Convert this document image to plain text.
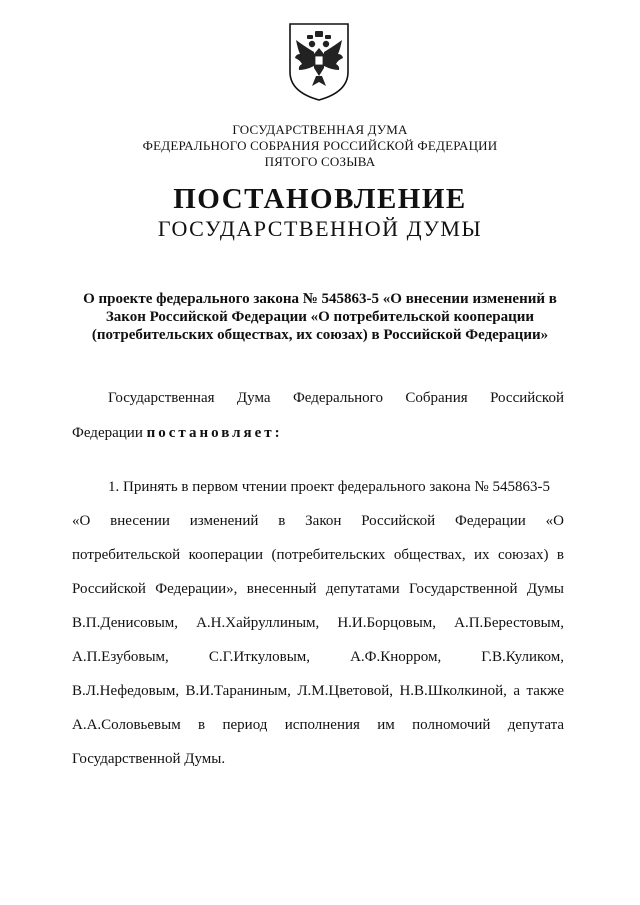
ГОСУДАРСТВЕННАЯ ДУМА
ФЕДЕРАЛЬНОГО СОБРАНИЯ РОССИЙСКОЙ ФЕДЕРАЦИИ
ПЯТОГО СОЗЫВА
ПОСТАНОВЛЕНИЕ
ГОСУДАРСТВЕННОЙ ДУМЫ
О проекте федерального закона № 545863-5 «О внесении изменений в
Закон Российской Федерации «О потребительской кооперации
(потребительских обществах, их союзах) в Российской Федерации»
Государственная Дума Федерального Собрания Российской
Федерации постановляет:
1. Принять в первом чтении проект федерального закона № 545863-5
«О внесении изменений в Закон Российской Федерации «О
потребительской кооперации (потребительских обществах, их союзах) в
Российской Федерации», внесенный депутатами Государственной Думы
В.П.Денисовым, А.Н.Хайруллиным, Н.И.Борцовым, А.П.Берестовым,
А.П.Езубовым, С.Г.Иткуловым, А.Ф.Кнорром, Г.В.Куликом,
В.Л.Нефедовым, В.И.Тараниным, Л.М.Цветовой, Н.В.Школкиной, а также
А.А.Соловьевым в период исполнения им полномочий депутата
Государственной Думы.
